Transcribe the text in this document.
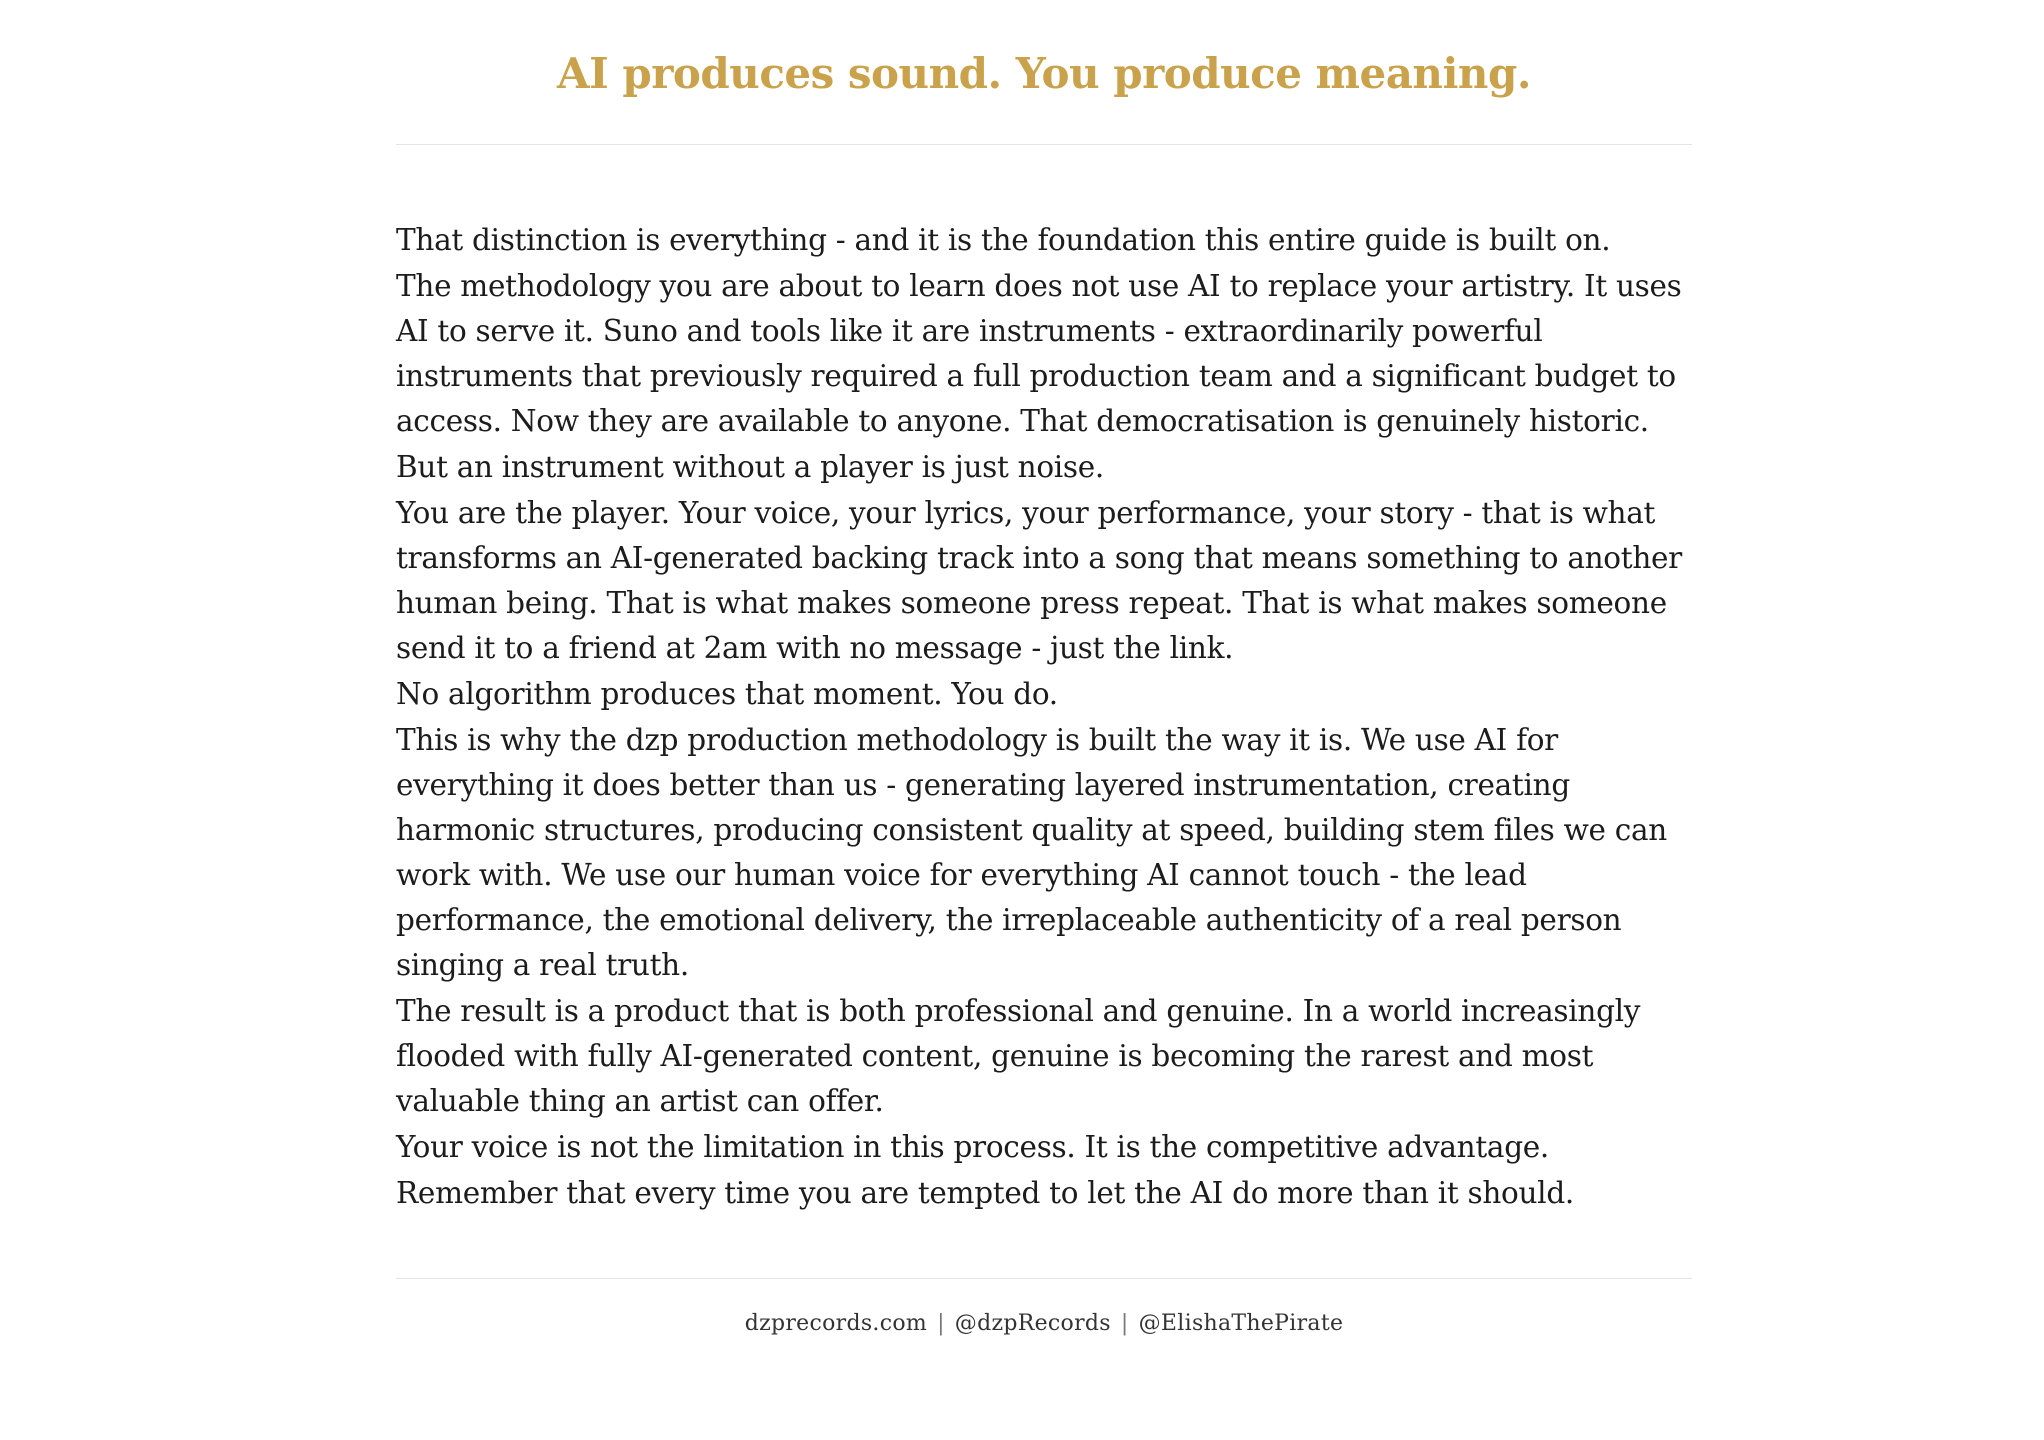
AI produces sound. You produce meaning.

That distinction is everything - and it is the foundation this entire guide is built on.

The methodology you are about to learn does not use AI to replace your artistry. It uses AI to serve it. Suno and tools like it are instruments - extraordinarily powerful instruments that previously required a full production team and a significant budget to access. Now they are available to anyone. That democratisation is genuinely historic.

But an instrument without a player is just noise.

You are the player. Your voice, your lyrics, your performance, your story - that is what transforms an AI-generated backing track into a song that means something to another human being. That is what makes someone press repeat. That is what makes someone send it to a friend at 2am with no message - just the link.

No algorithm produces that moment. You do.

This is why the dzp production methodology is built the way it is. We use AI for everything it does better than us - generating layered instrumentation, creating harmonic structures, producing consistent quality at speed, building stem files we can work with. We use our human voice for everything AI cannot touch - the lead performance, the emotional delivery, the irreplaceable authenticity of a real person singing a real truth.

The result is a product that is both professional and genuine. In a world increasingly flooded with fully AI-generated content, genuine is becoming the rarest and most valuable thing an artist can offer.

Your voice is not the limitation in this process. It is the competitive advantage.

Remember that every time you are tempted to let the AI do more than it should.

dzprecords.com | @dzpRecords | @ElishaThePirate
